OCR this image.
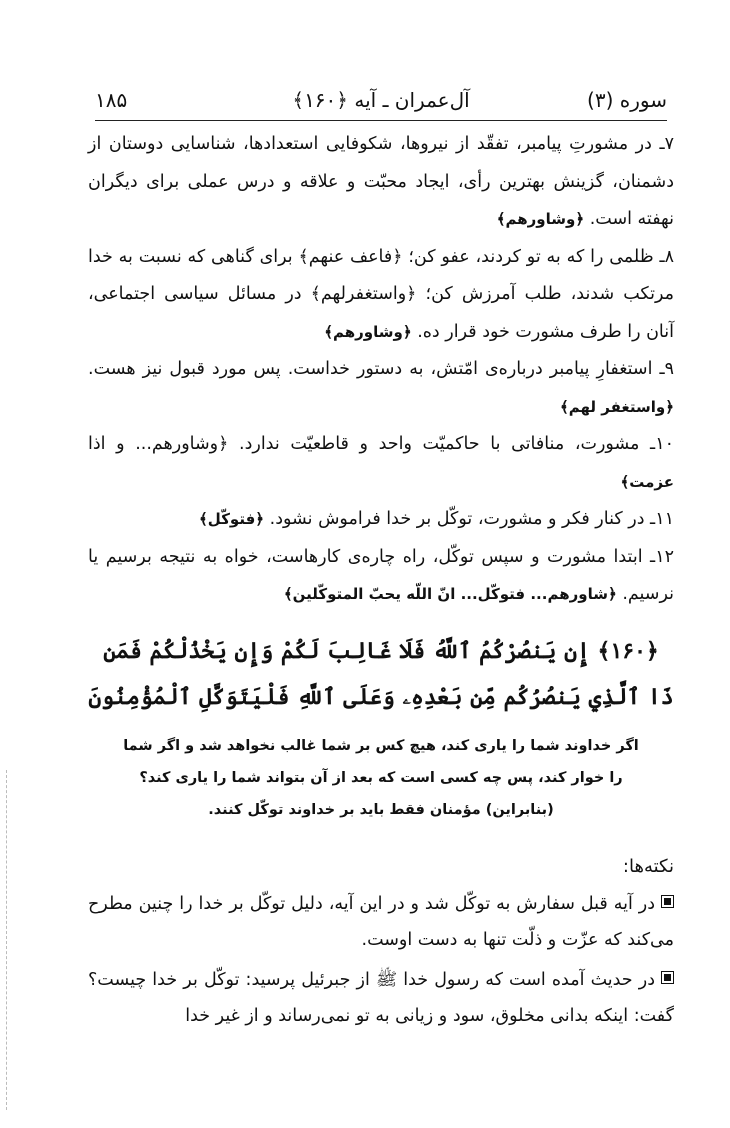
سوره (۳)
آل‌عمران ـ آیه ﴿۱۶۰﴾
۱۸۵

۷ـ در مشورتِ پیامبر، تفقّد از نیروها، شکوفایی استعدادها، شناسایی دوستان از دشمنان، گزینش بهترین رأی، ایجاد محبّت و علاقه و درس عملی برای دیگران نهفته است. ﴿وشاورهم﴾

۸ـ ظلمی را که به تو کردند، عفو کن؛ ﴿فاعف عنهم﴾ برای گناهی که نسبت به خدا مرتکب شدند، طلب آمرزش کن؛ ﴿واستغفرلهم﴾ در مسائل سیاسی اجتماعی، آنان را طرف مشورت خود قرار ده. ﴿وشاورهم﴾

۹ـ استغفارِ پیامبر درباره‌ی امّتش، به دستور خداست. پس مورد قبول نیز هست. ﴿واستغفر لهم﴾

۱۰ـ مشورت، منافاتی با حاکمیّت واحد و قاطعیّت ندارد. ﴿وشاورهم... و اذا عزمت﴾

۱۱ـ در کنار فکر و مشورت، توکّل بر خدا فراموش نشود. ﴿فتوکّل﴾

۱۲ـ ابتدا مشورت و سپس توکّل، راه چاره‌ی کارهاست، خواه به نتیجه برسیم یا نرسیم. ﴿شاورهم... فتوکّل... انّ اللّه یحبّ المتوکّلین﴾

﴿۱۶۰﴾ إِن يَنصُرْكُمُ ٱللَّهُ فَلَا غَالِبَ لَكُمْ وَإِن يَخْذُلْكُمْ فَمَن ذَا ٱلَّذِي يَنصُرُكُم مِّن بَعْدِهِۦ وَعَلَى ٱللَّهِ فَلْيَتَوَكَّلِ ٱلْمُؤْمِنُونَ
اگر خداوند شما را یاری کند، هیچ کس بر شما غالب نخواهد شد و اگر شما را خوار کند، پس چه کسی است که بعد از آن بتواند شما را یاری کند؟ (بنابراین) مؤمنان فقط باید بر خداوند توکّل کنند.
نکته‌ها:

در آیه قبل سفارش به توکّل شد و در این آیه، دلیل توکّل بر خدا را چنین مطرح می‌کند که عزّت و ذلّت تنها به دست اوست.

در حدیث آمده است که رسول خدا ﷺ از جبرئیل پرسید: توکّل بر خدا چیست؟ گفت: اینکه بدانی مخلوق، سود و زیانی به تو نمی‌رساند و از غیر خدا
